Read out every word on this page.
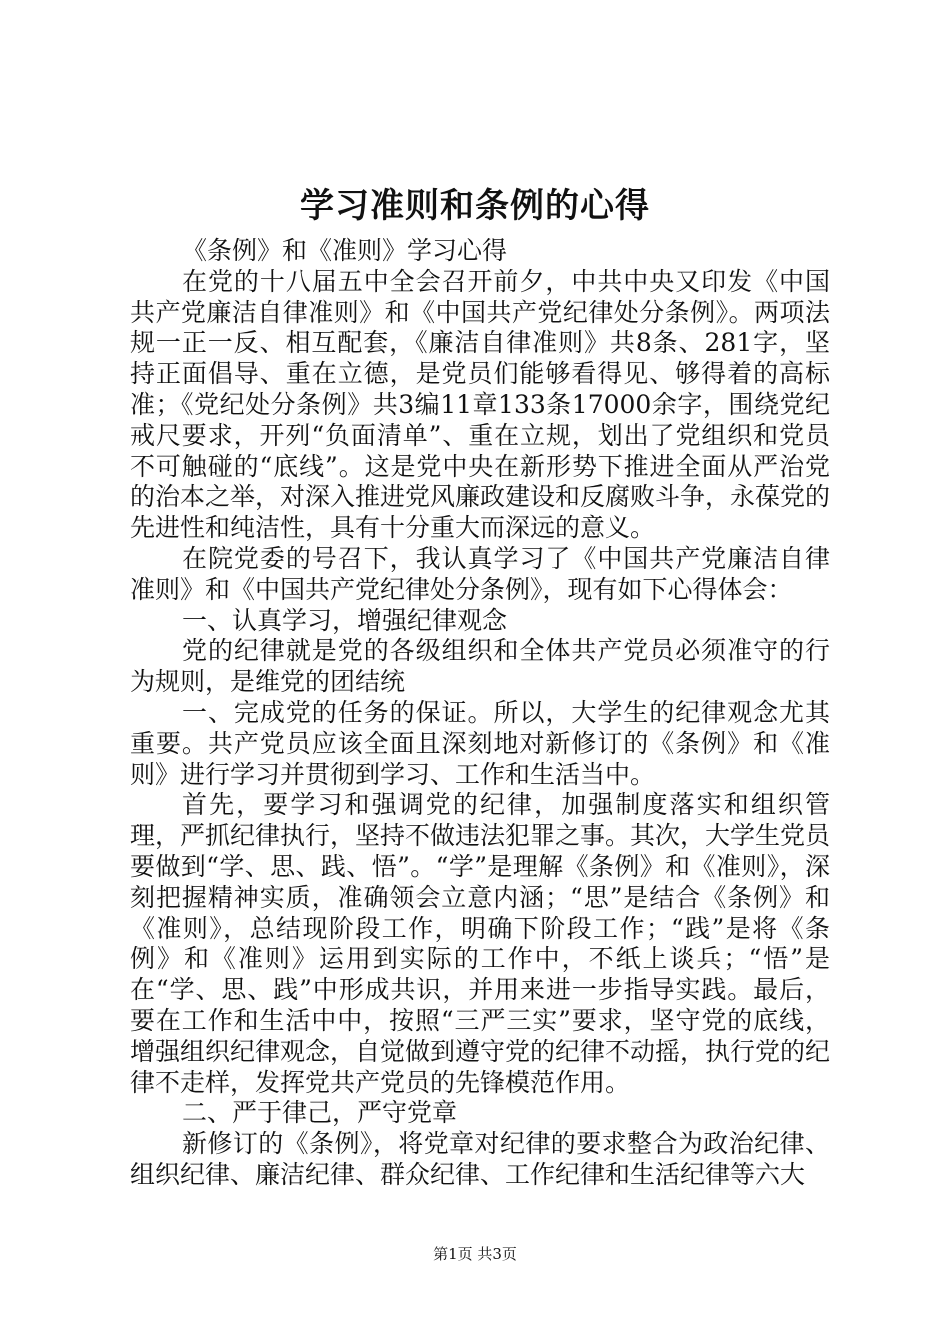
学习准则和条例的心得

《条例》和《准则》学习心得

在党的十八届五中全会召开前夕，中共中央又印发《中国共产党廉洁自律准则》和《中国共产党纪律处分条例》。两项法规一正一反、相互配套，《廉洁自律准则》共8条、281字，坚持正面倡导、重在立德，是党员们能够看得见、够得着的高标准；《党纪处分条例》共3编11章133条17000余字，围绕党纪戒尺要求，开列“负面清单”、重在立规，划出了党组织和党员不可触碰的“底线”。这是党中央在新形势下推进全面从严治党的治本之举，对深入推进党风廉政建设和反腐败斗争，永葆党的先进性和纯洁性，具有十分重大而深远的意义。

在院党委的号召下，我认真学习了《中国共产党廉洁自律准则》和《中国共产党纪律处分条例》，现有如下心得体会：

一、认真学习，增强纪律观念

党的纪律就是党的各级组织和全体共产党员必须准守的行为规则，是维党的团结统

一、完成党的任务的保证。所以，大学生的纪律观念尤其重要。共产党员应该全面且深刻地对新修订的《条例》和《准则》进行学习并贯彻到学习、工作和生活当中。

首先，要学习和强调党的纪律，加强制度落实和组织管理，严抓纪律执行，坚持不做违法犯罪之事。其次，大学生党员要做到“学、思、践、悟”。“学”是理解《条例》和《准则》，深刻把握精神实质，准确领会立意内涵；“思”是结合《条例》和《准则》，总结现阶段工作，明确下阶段工作；“践”是将《条例》和《准则》运用到实际的工作中，不纸上谈兵；“悟”是在“学、思、践”中形成共识，并用来进一步指导实践。最后，要在工作和生活中中，按照“三严三实”要求，坚守党的底线，增强组织纪律观念，自觉做到遵守党的纪律不动摇，执行党的纪律不走样，发挥党共产党员的先锋模范作用。

二、严于律己，严守党章

新修订的《条例》，将党章对纪律的要求整合为政治纪律、组织纪律、廉洁纪律、群众纪律、工作纪律和生活纪律等六大

第1页 共3页
